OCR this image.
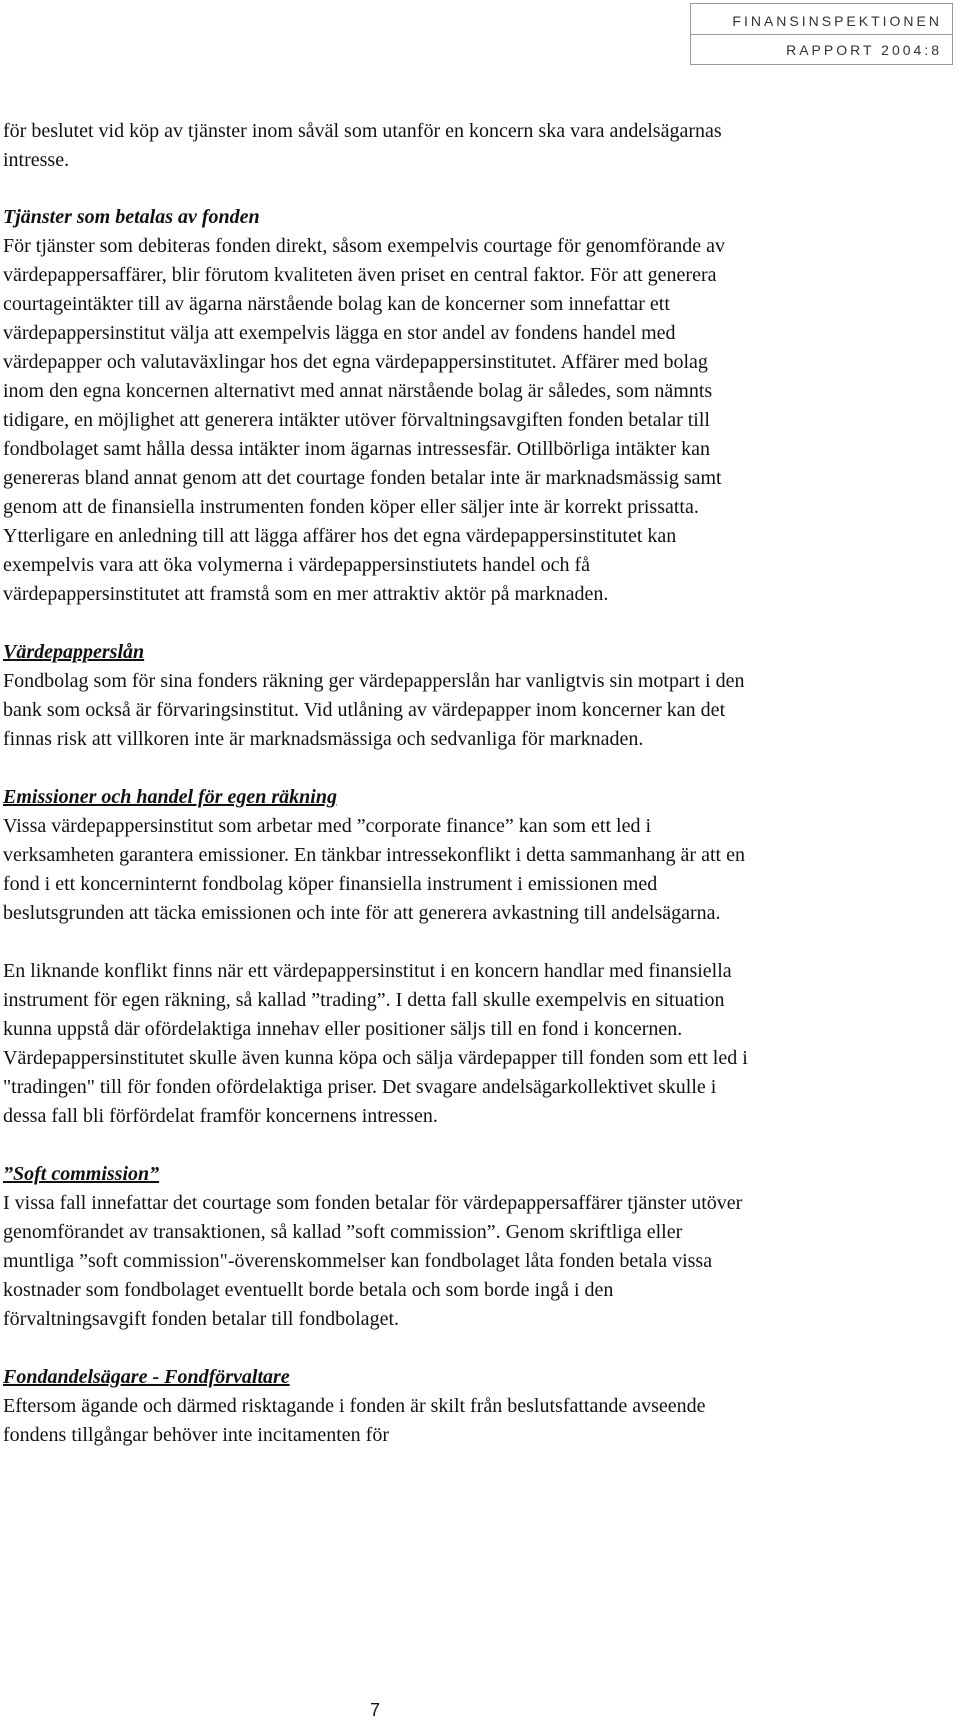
FINANSINSPEKTIONEN
RAPPORT 2004:8

för beslutet vid köp av tjänster inom såväl som utanför en koncern ska vara andelsägarnas intresse.

Tjänster som betalas av fonden

För tjänster som debiteras fonden direkt, såsom exempelvis courtage för genomförande av värdepappersaffärer, blir förutom kvaliteten även priset en central faktor. För att generera courtageintäkter till av ägarna närstående bolag kan de koncerner som innefattar ett värdepappersinstitut välja att exempelvis lägga en stor andel av fondens handel med värdepapper och valutaväxlingar hos det egna värdepappersinstitutet. Affärer med bolag inom den egna koncernen alternativt med annat närstående bolag är således, som nämnts tidigare, en möjlighet att generera intäkter utöver förvaltningsavgiften fonden betalar till fondbolaget samt hålla dessa intäkter inom ägarnas intressesfär. Otillbörliga intäkter kan genereras bland annat genom att det courtage fonden betalar inte är marknadsmässig samt genom att de finansiella instrumenten fonden köper eller säljer inte är korrekt prissatta. Ytterligare en anledning till att lägga affärer hos det egna värdepappersinstitutet kan exempelvis vara att öka volymerna i värdepappersinstiutets handel och få värdepappersinstitutet att framstå som en mer attraktiv aktör på marknaden.

Värdepapperslån

Fondbolag som för sina fonders räkning ger värdepapperslån har vanligtvis sin motpart i den bank som också är förvaringsinstitut. Vid utlåning av värdepapper inom koncerner kan det finnas risk att villkoren inte är marknadsmässiga och sedvanliga för marknaden.

Emissioner och handel för egen räkning

Vissa värdepappersinstitut som arbetar med ”corporate finance” kan som ett led i verksamheten garantera emissioner. En tänkbar intressekonflikt i detta sammanhang är att en fond i ett koncerninternt fondbolag köper finansiella instrument i emissionen med beslutsgrunden att täcka emissionen och inte för att generera avkastning till andelsägarna.

En liknande konflikt finns när ett värdepappersinstitut i en koncern handlar med finansiella instrument för egen räkning, så kallad ”trading”. I detta fall skulle exempelvis en situation kunna uppstå där ofördelaktiga innehav eller positioner säljs till en fond i koncernen. Värdepappersinstitutet skulle även kunna köpa och sälja värdepapper till fonden som ett led i "tradingen" till för fonden ofördelaktiga priser. Det svagare andelsägarkollektivet skulle i dessa fall bli förfördelat framför koncernens intressen.

”Soft commission”

I vissa fall innefattar det courtage som fonden betalar för värdepappersaffärer tjänster utöver genomförandet av transaktionen, så kallad ”soft commission”. Genom skriftliga eller muntliga ”soft commission"-överenskommelser kan fondbolaget låta fonden betala vissa kostnader som fondbolaget eventuellt borde betala och som borde ingå i den förvaltningsavgift fonden betalar till fondbolaget.

Fondandelsägare - Fondförvaltare

Eftersom ägande och därmed risktagande i fonden är skilt från beslutsfattande avseende fondens tillgångar behöver inte incitamenten för

7
